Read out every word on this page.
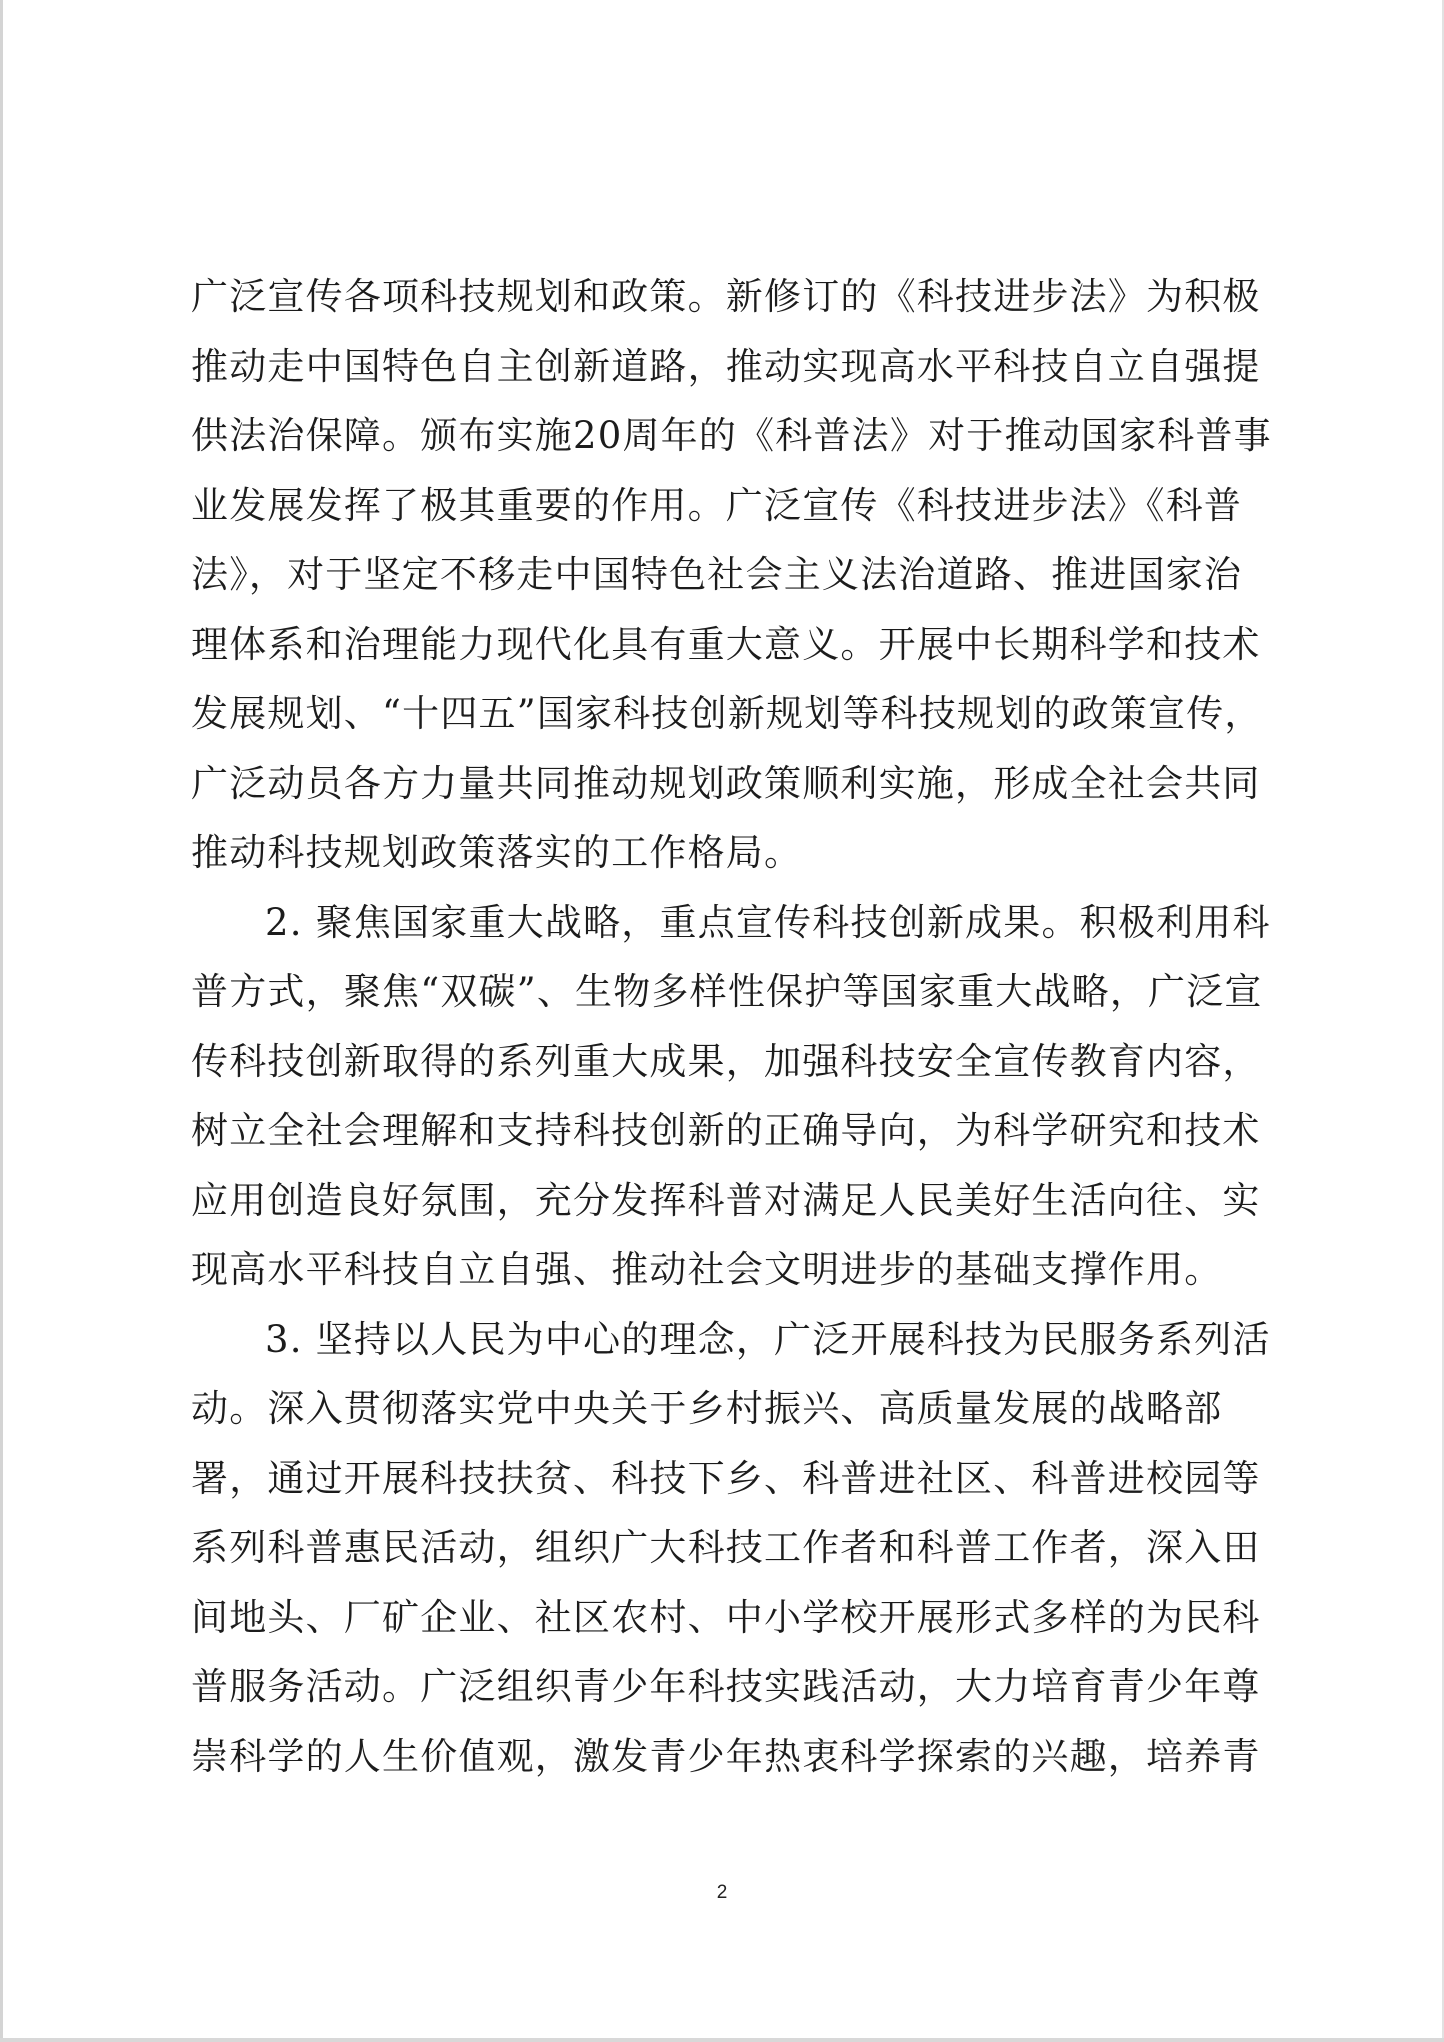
广泛宣传各项科技规划和政策。新修订的《科技进步法》为积极推动走中国特色自主创新道路，推动实现高水平科技自立自强提供法治保障。颁布实施20周年的《科普法》对于推动国家科普事业发展发挥了极其重要的作用。广泛宣传《科技进步法》《科普法》，对于坚定不移走中国特色社会主义法治道路、推进国家治理体系和治理能力现代化具有重大意义。开展中长期科学和技术发展规划、“十四五”国家科技创新规划等科技规划的政策宣传，广泛动员各方力量共同推动规划政策顺利实施，形成全社会共同推动科技规划政策落实的工作格局。

2. 聚焦国家重大战略，重点宣传科技创新成果。积极利用科普方式，聚焦“双碳”、生物多样性保护等国家重大战略，广泛宣传科技创新取得的系列重大成果，加强科技安全宣传教育内容，树立全社会理解和支持科技创新的正确导向，为科学研究和技术应用创造良好氛围，充分发挥科普对满足人民美好生活向往、实现高水平科技自立自强、推动社会文明进步的基础支撑作用。

3. 坚持以人民为中心的理念，广泛开展科技为民服务系列活动。深入贯彻落实党中央关于乡村振兴、高质量发展的战略部署，通过开展科技扶贫、科技下乡、科普进社区、科普进校园等系列科普惠民活动，组织广大科技工作者和科普工作者，深入田间地头、厂矿企业、社区农村、中小学校开展形式多样的为民科普服务活动。广泛组织青少年科技实践活动，大力培育青少年尊崇科学的人生价值观，激发青少年热衷科学探索的兴趣，培养青

2
